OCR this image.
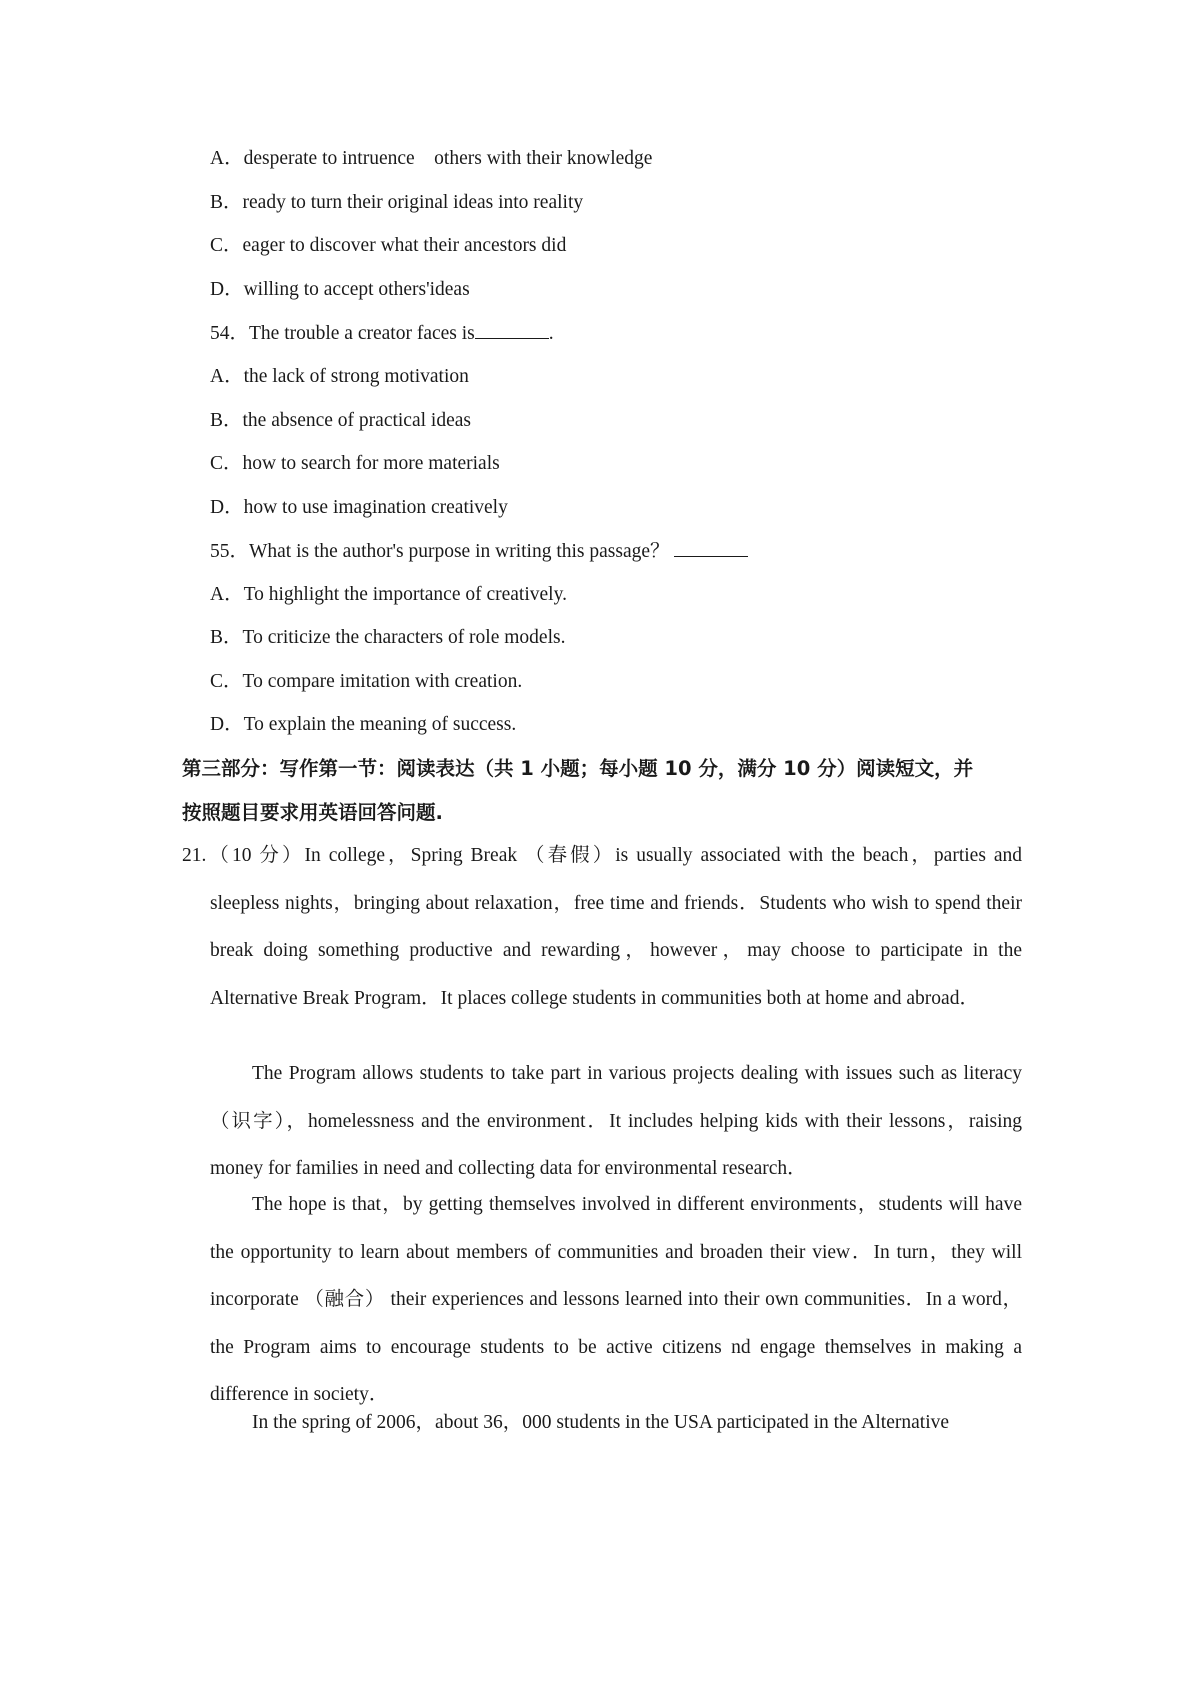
A．desperate to intruence　others with their knowledge

B．ready to turn their original ideas into reality

C．eager to discover what their ancestors did

D．willing to accept others'ideas

54．The trouble a creator faces is	.

A．the lack of strong motivation

B．the absence of practical ideas

C．how to search for more materials

D．how to use imagination creatively

55．What is the author's purpose in writing this passage？

A．To highlight the importance of creatively.

B．To criticize the characters of role models.

C．To compare imitation with creation.

D．To explain the meaning of success.

第三部分：写作第一节：阅读表达（共 1 小题；每小题 10 分，满分 10 分）阅读短文，并

按照题目要求用英语回答问题.

21.（10 分）In college，Spring Break （春假）is usually associated with the beach，parties and sleepless nights，bringing about relaxation，free time and friends．Students who wish to spend their break doing something productive and rewarding，however，may choose to participate in the Alternative Break Program．It places college students in communities both at home and abroad．

The Program allows students to take part in various projects dealing with issues such as literacy （识字），homelessness and the environment．It includes helping kids with their lessons，raising money for families in need and collecting data for environmental research．

The hope is that，by getting themselves involved in different environments，students will have the opportunity to learn about members of communities and broaden their view．In turn，they will incorporate （融合） their experiences and lessons learned into their own communities．In a word，the Program aims to encourage students to be active citizens nd engage themselves in making a difference in society．

In the spring of 2006，about 36，000 students in the USA participated in the Alternative
